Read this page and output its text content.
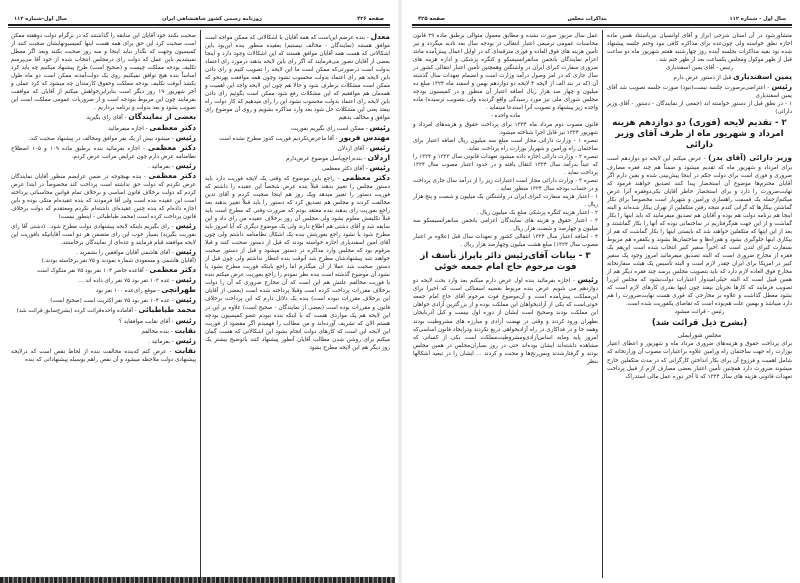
صفحه ۴۲۶
روزنامه رسمی کشور شاهنشاهی ایران
سال اول-شماره ۱۱۲

معدل - بنده عرضم این‌است که همه آقایان با اشکالاتی که ممکن مواجه است موافق هستند (نمایندگان - مخالف نیستیم) بعقیده منظور بنده این‌بود باین اشکالاتی که هست همه آقایان موافق هستند که این اشکالات وجود دارد و اینجا بعضی از آقایان تصور می‌فرمایند که اگر رای باین لایحه بدهند درمورد رای اعتماد بدولت است درصورتی‌که ممکن است ما این لایحه را تصویب کنیم و رای دادن باین لایحه هم رای اعتماد بدولت محسوب نشود وچون همه موافقت بهرنحو که ممکن است مشکلات برطرف شود و حالا هم چون این لایحه واجد این اهمیت و همه‌مان هم موافقیم که این مشکلات رفع شود ممکن است بگوئیم رای دادن باین لایحه رای اعتماد بدولت محسوب نشود این را رای میدهیم که کار دولت راه بیفتد یعنی این مشکلات حل شود بعد وارد مذاکره بشویم و روی آن موضوع رای موافق و مخالف بدهیم

رئیس - ممکن است رای بگیریم بفوریت

مهندس فریور - آقا ماعرض‌نکردیم فوریت کدوز مطرح نشده است

رئیس - آقای اردلان

اردلان - بنده‌راجع‌باصل موضوع عرض‌دارم

رئیس - آقای دکتر معظمی

دکتر معظمی - راجع باین موضوع که وقتی یک لایحه فوریت دارد باید دستور مجلس را تغییر بدهند قبلاً بنده عرض شخصاً این عقیده را داشتم که فوریت دستور را تغییر میدهد ویک روز هم اینجا صحبت کردم و آقای تدین مخالفت کردند و مجلس هم تصدیق کرد که دستور را باید قبلاً تغییر بدهند بعد راجع بفوریت رای بدهند بنده معتقد بودم که ضرورت وقتی که مطرح است باید قبلاً تکلیفش معلوم بشود ولی مجلس آن روز برخلاف عقیده من رای داد و این سابقه شد و آقای دشتی هم اطلاع دارند ولی یک موضوع دیگری که آیا امروز باید مطرح شود یا نشود راجع بفوریتش بنده یک اشکال نظامنامه داشتم ولی چون آقای امین اسفندیاری اجازه خواسته بودند که قبل از دستور صحبت کنند و قبلا مرقوم بود که مجلس وارد مذاکره در دستور میشود و قبل از دستور صحبت خواهند شد پیشنهادشان مطرح شد آنوقت بنده انتظار نداشتم ولی چون قبل از دستور صحبت شد عملا از آن میگذرم اما راجع باینکه فوریت مطرح بشود یا نشود آن موضوع گذشته است بنده نظر نمودم را راجع بفوریت عرض میکنم بنده با فوریت مخالفم علتش هم این است که آن مخارج ضروری که آن را دولت برخلاف مقررات پرداخت کرده است وقبلا پرداخته شده است (بعضی از آقایان این برخلاف مقررات نبوده است) بنده یک دلائل دارم که این پرداخت برخلاف قانون و مقررات بوده است (بعضی از نمایندگان - صحیح است) علاوه بر این در این لایحه هم یک مواردی هست که با اینکه بنده نبودم عضو کمیسیون بودجه هستم الان که تشریف آورده‌اند و من مطالب را فهمیدم اگر مقصود از فوریت این لایحه این است که کارهای دولت انجام بشود این اشکالاتی که هست گمان میکنم برای روشن شدن مطالب آقایان آنطور پیشنهاد کنند باتوضیح بیشتر یک روز دیگر هم این لایحه مطرح بشود

صحبت بکنند خود آقایان این سابقه را گذاشتند که در برگرام دولت دوهفته ممکن است صحبت کرد این حق برای همه هست اینها کمیسیونهایشان صحبت کنند از کمیسیون وجهت که بگذار نباید اینجا و سه روز صحبت بکنند وبعد اگر معطل نمیشدیم باین عمل که دولت رای درمجلس انتخاب شده از خود آقا می‌پرسم تکلیف بودجه مملکت چیست و (صحیح است) طرح پیشنهاد میکنیم چه باید کرد اساساً بنده هیچ توافق نمیکنیم روی یک دولت‌آمدنه ممکن است دو ماه طول بکشد آنوقت تکلیف بودجه مملکت وحقوق کارمندان چه میشود که کرد عملی و آخر شهریور ۱۹ روز دیگر است بنابراین‌خواهش میکنم از آقایان که موافقت بفرمایند چون این مربوط ببودجه است و از ضروریات عمومی مملکت است این تصویب بشود و بعد بدولت و برنامه برداریم .

بعضی از نمایندگان - آقای رای بگیرید

دکتر معظمی - اجازه میفرمائید

رئیس - میشود بیش از یک نفر موافق ومخالف در پیشنهاد صحبت کند.

دکتر معظمی - اجازه بفرمائید بنده برطبق ماده ۱۰۹ و ۱۰۵ اصطلاح نظامنامه عرض دارم چون عرایض مراتب عرض کردم.

رئیس - بفرمائید .

دکتر معظمی - بنده بهیچوجه در ضمن عرایضم منظور آقایان نمایندگان عرض نکردم که دولت حق نداشته است پرداخت کند مخصوصاً در ابتدا عرض کردم که دولت برخلاف قانون اساسی و برخلاف تمام قوانین محاسباتی پرداخته است این عقیده بنده است ولی آقا فرمودند که بنده عقیده‌ام متکی بوده و باین اجازه داده‌ام که بنده چنین عقیده‌ای داشته‌ام نکردم ومعتقدم که دولت برخلاف قانون پرداخت کرده است (محمد طباطبائی - اینطور نیست)

رئیس - رای بگیریم باینکه لایحه پیشنهادی دولت مطرح شود.. (دشتی آقا رای بفوریت بگیرید) بسیار خوب این رای متضمن هر دو است آقایانیکه بافوریت این لایحه موافقند قیام فرمایند و عده‌ای از نمایندگان برخاستند.

رئیس - آقای هاشمی آقایان موافقین را بشمرید .

(آقایان هاشمی و مسعودی شماره نمودند و ۷۵ نفر برخاسته بودند.)

دکتر معظمی - آقاعده حاضر ۱۰۴ نفر بود ۷۵ نفر متکوک است

رئیس - عده ۱۰۳ نفر بود ۷۵ نفر رای داده اند ...

طهرانچی - موقع رای‌عده ۱۰۰ نفر بود

رئیس - عده ۱۰۴ نفر بود ۷۵ نفر اکثریت است (صحیح است)

محمد طباطبائی - آقاماده واحده‌قرائت کرده (بشرح‌سابق قرائت شد)

رئیس - آقای نقابت موافقاید ؟

نقابت - بنده مخالفم

رئیس - بفرمائید .

نقابت - عرض کنم که‌بنده مخالفت بنده از لحاظ نقص است که درلایحه پیشنهادی دولت ملاحظه میشود و آن نقص راهم بوسیله پیشنهاداتی که بنده

سال اول - شماره ۱۱۲
مذاکرات مجلس
صفحه ۴۲۵

متشاور‌شود در آن استان شرحی ابراز و آقای اوانسیان نیز‌باستناد همین ماده اجازه نطق‌ خواسته ولی چون‌عده برای مذاکره کافی نبود وختم جلسه پیشنهاد شده بود بقیه مذاکرات بجلسه آینده روز چهارشنبه هفتم شهریور ماه دو ساعت قبل از ظهر موکول ومجلس یکساعت بعد از ظهر ختم شد .

رئیس - آقای یمین اسفندیاری

یمین اسفندیاری قبل از دستور عرض دارم

رئیس - اعتراضی‌برصورت جلسه نیست(نبود) صورت جلسه تصویب شد آقای یمین اسفندیاری

۱ - در نطق قبل از دستور خواسته اند (جمعی از نمایندگان - دستور - آقای وزیر دارائی)

۲ - تقدیم لایحه (فوری) دو دوازدهم هزینه امرداد و شهریور ماه از طرف آقای وزیر دارائی

وزیر دارائی (آقای بدر) - عرض میکنم این لایحه دو دوازدهم است برای امرداد و شهریور ماه که تقدیم میشود و ضمناً هم چند فقره مصارف ضروری و فوری است برای دولت حکم در اینجا پیش‌بینی شده و یقین دارم اگر آقایان محترم‌ها موضوع آن استحضار پیدا کنند تصدیق خواهند فرمود که نهایت‌ضرورت را دارد و برای استحضار خاطر آقایان یکی‌دوفقره‌ آنرا عرض میکنم‌ازجمله یک قسمت راهسازی ورامین و شهریار است مخصوصاً برای بکار گماشتن بیکارها که گرانی کندم نتیجه رفتن متکفلین از تهران بیکار شده‌اند و البته اینجا هم برنامه دولت هم بوده و آقایان هم تصدیق میفرمایند که باید اینها را بکار گماشت و از این جهت هم‌گرفتاریم در ساختمانی بوده که آنها را بکار گماشتند و بعد از این اینها که متکفلین خواهند شد که بایستی اینها را بکار گماشت که هم از بیکاری اینها جلوگیری بشود و هم‌راه‌ها و ساختمان‌ها بشوند و یکفقره هم مربوط بسفارت کبرای لندن است که اخیراً سفیر کبیر انتخاب شده است این‌هم یک فقره از مخارج ضروری است که البته تصدیق میفرمائید امروز وجود یک سفیر کبیر در امریکا برای ایران چقدر لازم است و البته تأسیس یک هیئت سفارتخانه مخارج فوق العاده لازم دارد که باید بتصویب مجلس برسد چند فقره دیگر هم از همین قبیل است که البته خیلی‌امیدوار اعتبارات دولت‌بشود که مجلس این‌را تصویب فرمایند که کارها بجریان بیفتد چون اینها بقدری کارهای لازم است که بشود معطل گذاشت و علاوه بر مخارجی که فوری هست نهایت‌ضرورت را هم دارد میباشد و بهمین علت هم‌بوده است که تقاضای یکفوریت شده است.

رئیس - قرائت میشود

(بشرح ذیل قرائت شد)

مجلس شورایملی

برای پرداخت حقوق و هزینه‌های ضروری مرداد ماه و شهریور و اعطای اعتبار بوزارت راه جهت ساختمان راه ورامین علاوه براعتبارات مصوب آن وزارتخانه که شامل اهمیت و فرزوع آن برای بکار انداختن کارگرانی که در مدت متکفلین خارج میشوند ضرورت دارد همچنین تأمین اعتبار بعضی مصارف لازم از قبیل پرداخت تعهدات قانونی هزینه های سال ۱۳۲۴ که تا آخر دوره عمل مالی استدراک

عمل سال مزبور صورت نشده و مطابق معمول متوالی برطبق ماده ۲۹ قانون محاسبات عمومی ترمیمی اعتبار انتقالی در بودجه سال بعد تادیه میگردد و نیز تأمین هزینه های فوق العاده و فوری مترقبه‌ای که در اوایل اعمال پیش‌آمده مانند اعزام نمایندگان بانجمن سانفرانسیسکو و کنگره پزشکی و اداره هزینه های ضروری سفارت کبرای ایران در واشنگتن وهمچنین تأمین اعتبار انتقالی کشور در سال جاری که در امر وصول درآمد وزارت است و انضمام تعهدات سال گذشته آن (که در بند الف از لایحه ۴ لایحه دو دوازدهم بهمن و اسفند ماه ۱۳۲۴ مبلغ ده میلیون و چهار صد هزار ریال اضافه اعتبار آن منظور و در کمیسیون بودجه مجلس شورای ملی نیز مورد رسیدگی واقع گردیده ولی بتصویب نرسیده) ماده واحده زیر پیشنهاد و تصویب آنرا استدعا مینماید .

ماده واحده -

قانون مصوب دوم مرداد ماه ۱۳۲۴ برای پرداخت حقوق و هزینه‌های امرداد و شهریور ۱۳۲۴ نیز قابل اجرا شناخته میشود.

تبصره ۱ - وزارت دارائی مجاز است مبلغ سه میلیون ریال اضافه اعتبار برای ساختمان راه ورامین و شهریار بوزارت راه پرداخت نماید.

تبصره ۲ - وزارت دارائی اجازه داده میشود تعهدات قانونی سال ۱۳۲۳ و ۱۳۲۴ را که عیناً بدرآمد سال ۱۳۲۴ انتقال یافته و در حدود اعتبار مصوب سال ۱۳۲۴ پرداخت نماید .

تبصره ۳ - وزارت دارائی مجاز است اعتبارات زیر را از درآمد سال جاری پرداخت و در حساب بودجه سال ۱۳۲۴ منظور نماید .

۱ - اعتبار هزینه سفارت کبرای ایران در واشنگتن یک میلیون و شصت و پنج هزار ریال .

۲ - اعتبار هزینه کنگره پزشکی مبلغ یک میلیون ریال .

۳ - اعتبار حقوق و هزینه های نمایندگان اعزامی بانجمن سانفرانسیسکو سه میلیون و چهارصد و شصت هزار ریال .

۴ - اضافه اعتبار سال ۱۳۲۴ انتقالی کشور و تعهدات سال قبل (علاوه بر اعتبار مصوب سال ۱۳۲۴) مبلغ هشت میلیون وچهارصد هزار ریال .

۳ - بیانات آقای‌رئیس دائر باپراز تأسف از فوت مرحوم حاج امام جمعه خوئی

رئیس - اجازه بفرمائید بنده اول عرض دارم میکنم بعد وارد بحث لایحه دو دوازدهم می شویم عرض بنده مربوط بقضیه اسفناکی است که اخیرا برای این‌مملکت پیش‌آمده است و آن‌موضوع فوت مرحوم آقای حاج امام جمعه خوئی‌است که یکی از آزادیخواهان این مملکت بوده و از بزرگترین آزادی خواهان این مملکت بودند وصحیح است ایشان از دوره اول بیست و کیل آذربایجان بطهران ورود کردند و وقتی در نهضت آزادی و مبارزه های مشروطیت بودند وهمه جا و در فداکاری در راه آزادیخواهی دریغ نکردند ودرایجاد قانون اساسی‌که امروز پایه ومایه اساس‌آزادی‌ومشروطیت‌مملکت است یکی از کسانی که مشاهده داشته‌اند ایشان بوده‌اند حتی در روز بمباران‌مجلس در همین مجلس بودند و گرفتارشدند وبس‌رنج‌ها و محنت و کردند ... ایشان را در تبعید اشکالها بنظر
